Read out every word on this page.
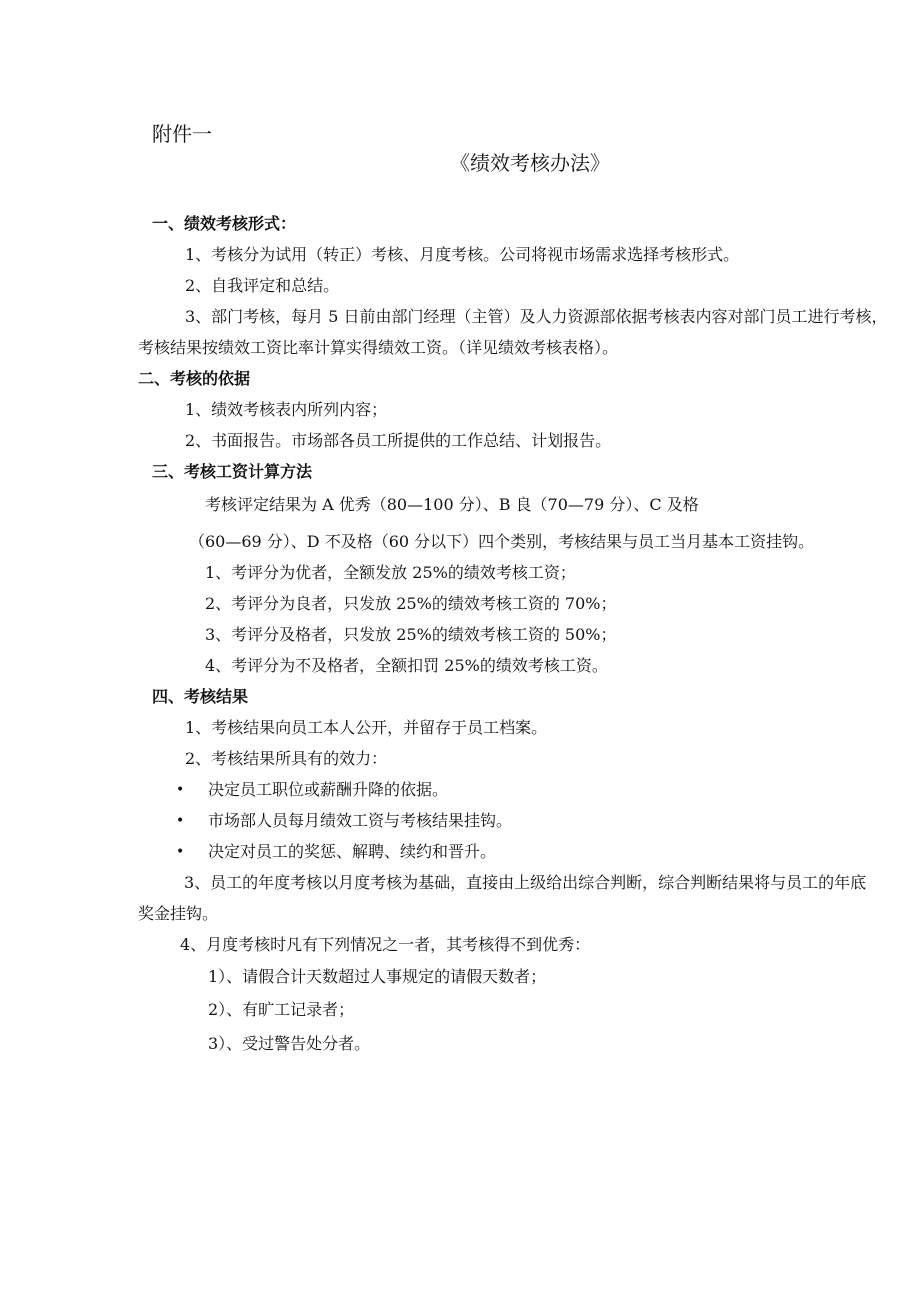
附件一
《绩效考核办法》
一、绩效考核形式：
1、考核分为试用（转正）考核、月度考核。公司将视市场需求选择考核形式。
2、自我评定和总结。
3、部门考核，每月 5 日前由部门经理（主管）及人力资源部依据考核表内容对部门员工进行考核，
考核结果按绩效工资比率计算实得绩效工资。（详见绩效考核表格）。
二、考核的依据
1、绩效考核表内所列内容；
2、书面报告。市场部各员工所提供的工作总结、计划报告。
三、考核工资计算方法
考核评定结果为 A 优秀（80—100 分）、B 良（70—79 分）、C 及格
（60—69 分）、D 不及格（60 分以下）四个类别，考核结果与员工当月基本工资挂钩。
1、考评分为优者，全额发放 25%的绩效考核工资；
2、考评分为良者，只发放 25%的绩效考核工资的 70%；
3、考评分及格者，只发放 25%的绩效考核工资的 50%；
4、考评分为不及格者，全额扣罚 25%的绩效考核工资。
四、考核结果
1、考核结果向员工本人公开，并留存于员工档案。
2、考核结果所具有的效力：
• 决定员工职位或薪酬升降的依据。
• 市场部人员每月绩效工资与考核结果挂钩。
• 决定对员工的奖惩、解聘、续约和晋升。
3、员工的年度考核以月度考核为基础，直接由上级给出综合判断，综合判断结果将与员工的年底
奖金挂钩。
4、月度考核时凡有下列情况之一者，其考核得不到优秀：
1）、请假合计天数超过人事规定的请假天数者；
2）、有旷工记录者；
3）、受过警告处分者。
